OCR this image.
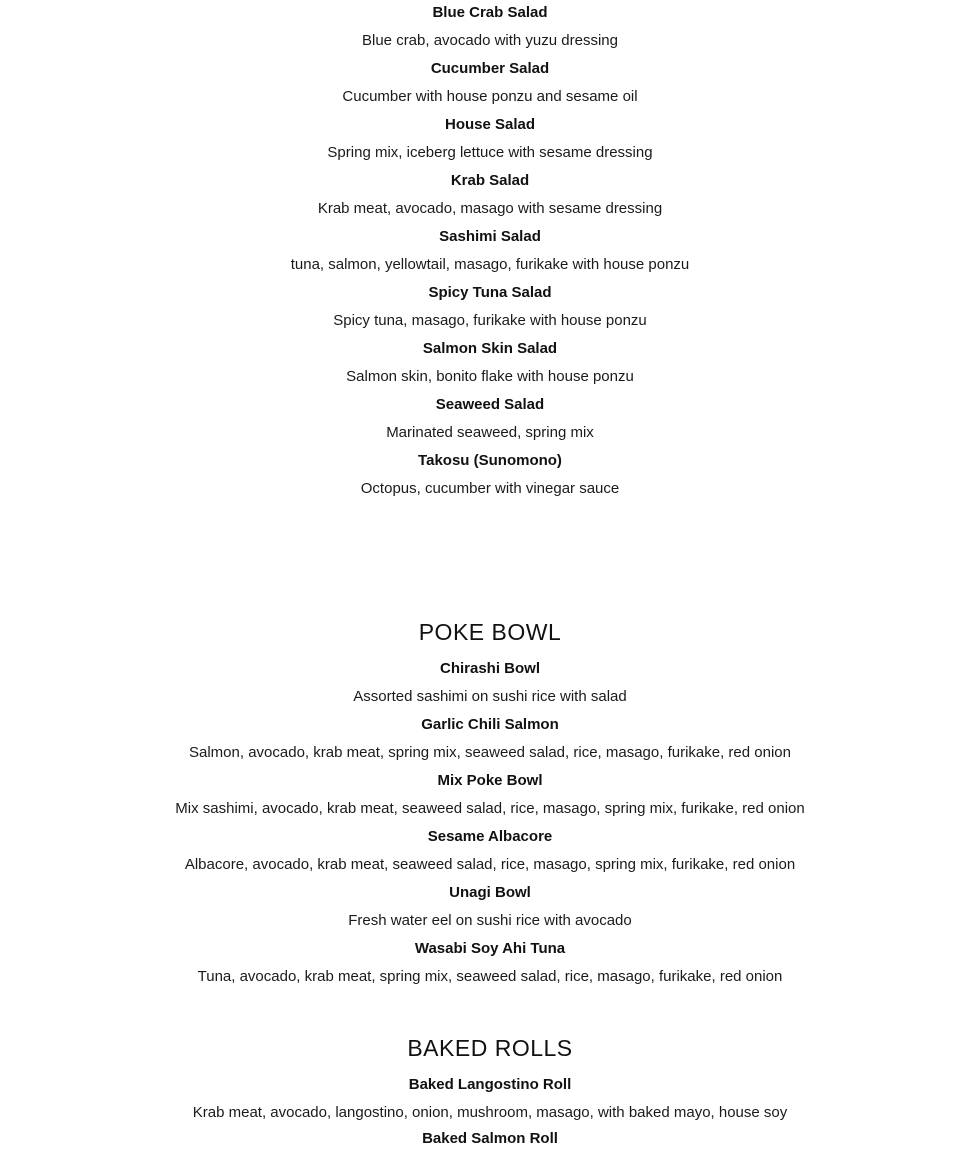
Blue Crab Salad
Blue crab, avocado with yuzu dressing
Cucumber Salad
Cucumber with house ponzu and sesame oil
House Salad
Spring mix, iceberg lettuce with sesame dressing
Krab Salad
Krab meat, avocado, masago with sesame dressing
Sashimi Salad
tuna, salmon, yellowtail, masago, furikake with house ponzu
Spicy Tuna Salad
Spicy tuna, masago, furikake with house ponzu
Salmon Skin Salad
Salmon skin, bonito flake with house ponzu
Seaweed Salad
Marinated seaweed, spring mix
Takosu (Sunomono)
Octopus, cucumber with vinegar sauce
POKE BOWL
Chirashi Bowl
Assorted sashimi on sushi rice with salad
Garlic Chili Salmon
Salmon, avocado, krab meat, spring mix, seaweed salad, rice, masago, furikake, red onion
Mix Poke Bowl
Mix sashimi, avocado, krab meat, seaweed salad, rice, masago, spring mix, furikake, red onion
Sesame Albacore
Albacore, avocado, krab meat, seaweed salad, rice, masago, spring mix, furikake, red onion
Unagi Bowl
Fresh water eel on sushi rice with avocado
Wasabi Soy Ahi Tuna
Tuna, avocado, krab meat, spring mix, seaweed salad, rice, masago, furikake, red onion
BAKED ROLLS
Baked Langostino Roll
Krab meat, avocado, langostino, onion, mushroom, masago, with baked mayo, house soy
Baked Salmon Roll
